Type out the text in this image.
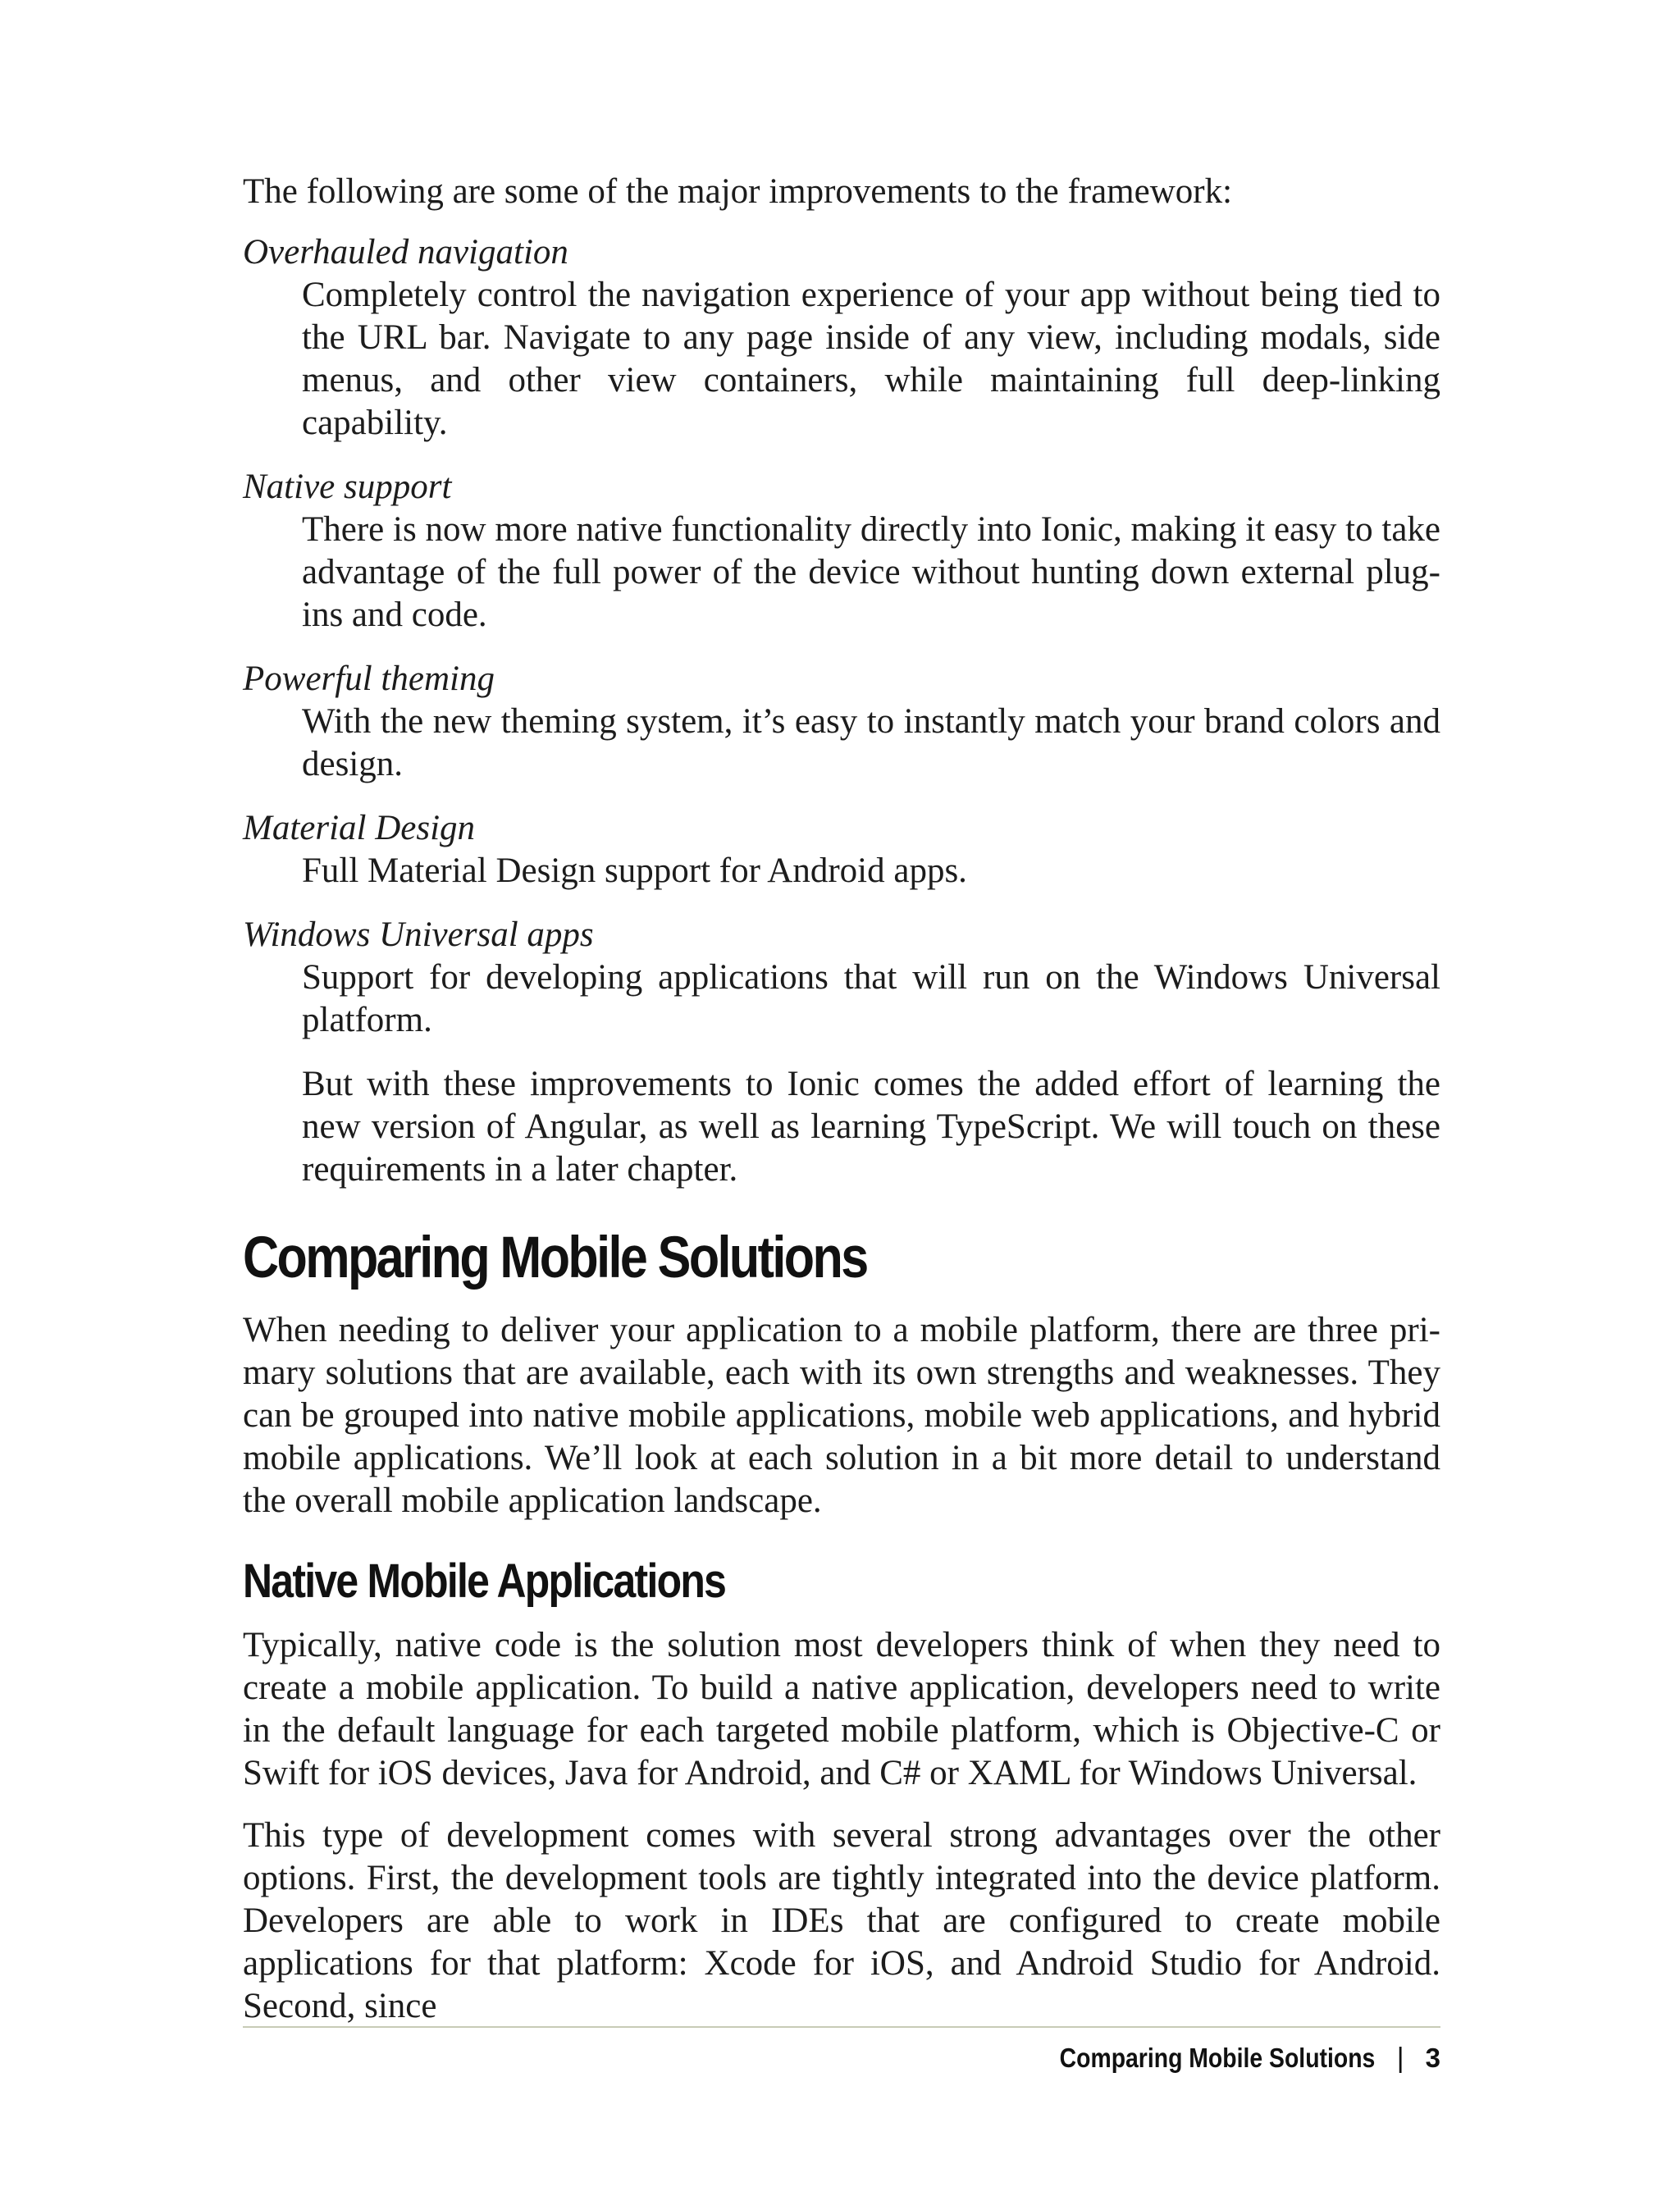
The following are some of the major improvements to the framework:

Overhauled navigation

Completely control the navigation experience of your app without being tied to the URL bar. Navigate to any page inside of any view, including modals, side menus, and other view containers, while maintaining full deep-linking capability.

Native support

There is now more native functionality directly into Ionic, making it easy to take advantage of the full power of the device without hunting down external plug-ins and code.

Powerful theming

With the new theming system, it’s easy to instantly match your brand colors and design.

Material Design

Full Material Design support for Android apps.

Windows Universal apps

Support for developing applications that will run on the Windows Universal platform.

But with these improvements to Ionic comes the added effort of learning the new version of Angular, as well as learning TypeScript. We will touch on these requirements in a later chapter.

Comparing Mobile Solutions

When needing to deliver your application to a mobile platform, there are three primary solutions that are available, each with its own strengths and weaknesses. They can be grouped into native mobile applications, mobile web applications, and hybrid mobile applications. We’ll look at each solution in a bit more detail to understand the overall mobile application landscape.

Native Mobile Applications

Typically, native code is the solution most developers think of when they need to create a mobile application. To build a native application, developers need to write in the default language for each targeted mobile platform, which is Objective-C or Swift for iOS devices, Java for Android, and C# or XAML for Windows Universal.

This type of development comes with several strong advantages over the other options. First, the development tools are tightly integrated into the device platform. Developers are able to work in IDEs that are configured to create mobile applications for that platform: Xcode for iOS, and Android Studio for Android. Second, since

Comparing Mobile Solutions | 3
